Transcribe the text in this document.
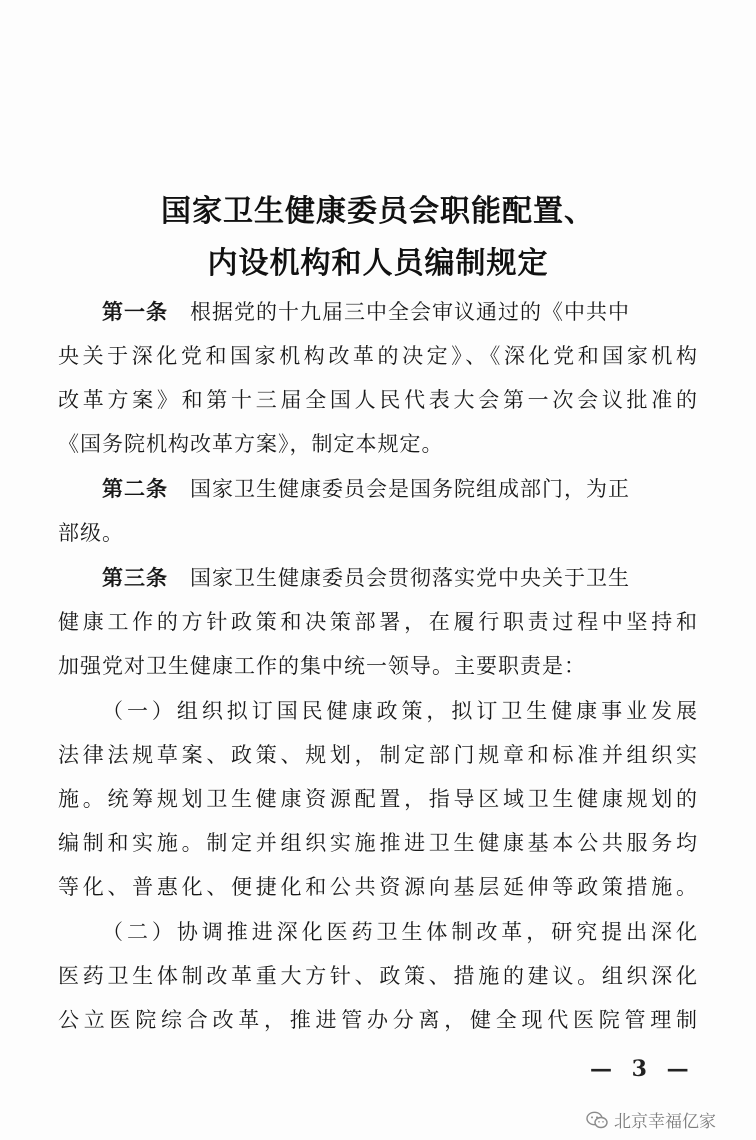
国家卫生健康委员会职能配置、
内设机构和人员编制规定
第一条 根据党的十九届三中全会审议通过的《中共中
央关于深化党和国家机构改革的决定》、《深化党和国家机构
改革方案》和第十三届全国人民代表大会第一次会议批准的
《国务院机构改革方案》，制定本规定。
第二条 国家卫生健康委员会是国务院组成部门，为正
部级。
第三条 国家卫生健康委员会贯彻落实党中央关于卫生
健康工作的方针政策和决策部署，在履行职责过程中坚持和
加强党对卫生健康工作的集中统一领导。主要职责是：
（一）组织拟订国民健康政策，拟订卫生健康事业发展
法律法规草案、政策、规划，制定部门规章和标准并组织实
施。统筹规划卫生健康资源配置，指导区域卫生健康规划的
编制和实施。制定并组织实施推进卫生健康基本公共服务均
等化、普惠化、便捷化和公共资源向基层延伸等政策措施。
（二）协调推进深化医药卫生体制改革，研究提出深化
医药卫生体制改革重大方针、政策、措施的建议。组织深化
公立医院综合改革，推进管办分离，健全现代医院管理制
— 3 —
北京幸福亿家
